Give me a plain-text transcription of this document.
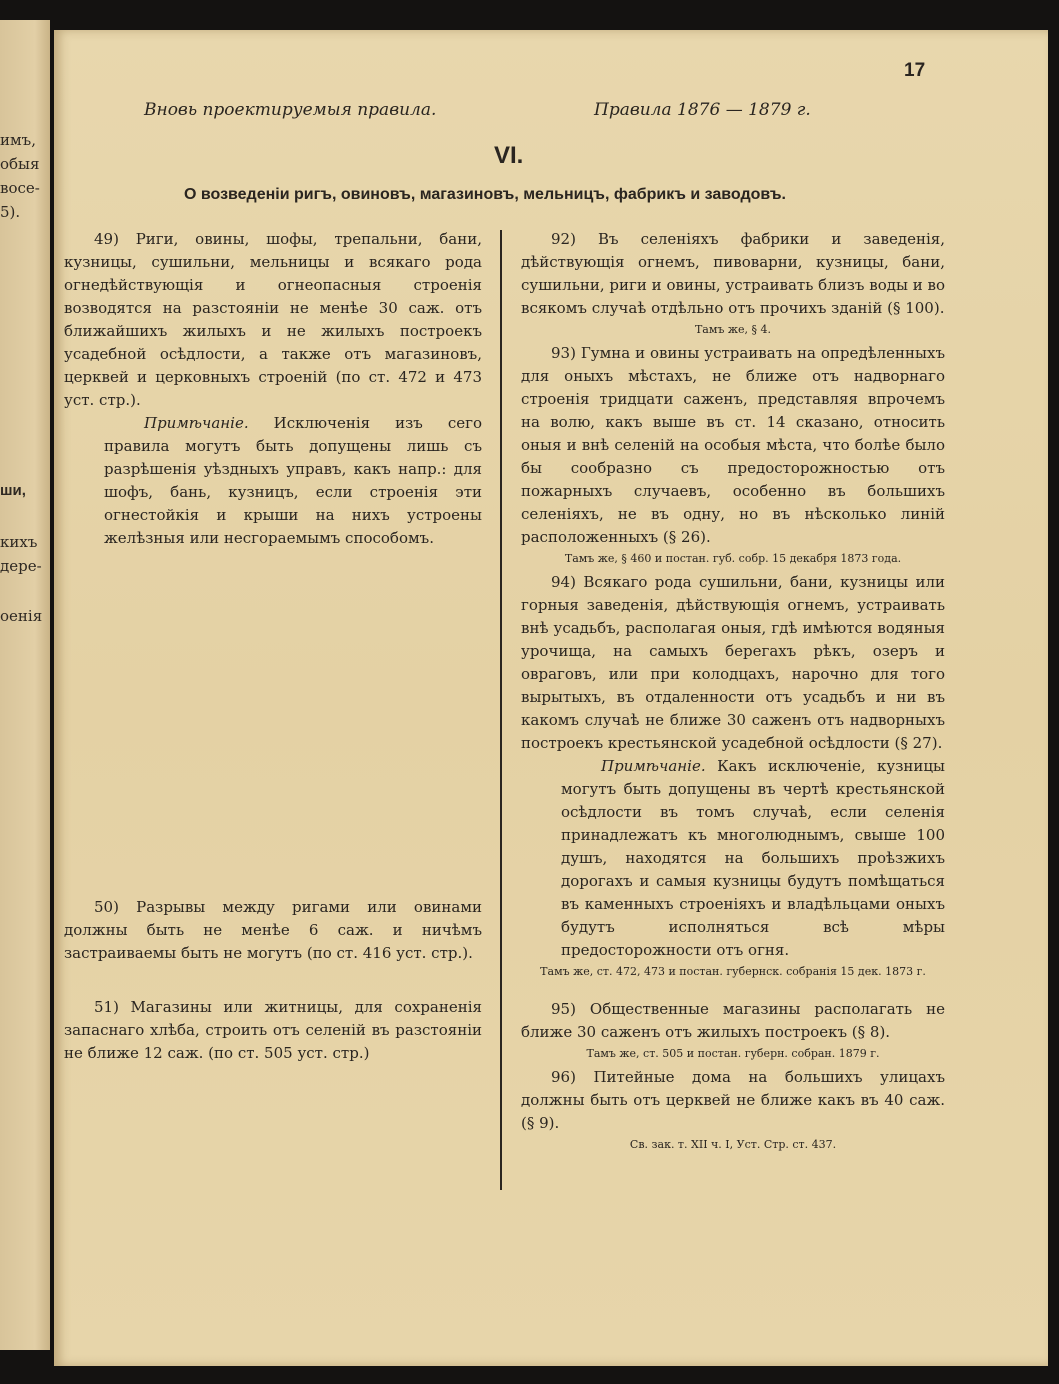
имъ,
обыя
восе-
5).
ши,
кихъ
дере-
оенія
17
Вновь проектируемыя правила.	Правила 1876 — 1879 г.
VI.
О возведеніи ригъ, овиновъ, магазиновъ, мельницъ, фабрикъ и заводовъ.

49) Риги, овины, шофы, трепальни, бани, кузницы, сушильни, мельницы и всякаго рода огнедѣйствующія и огнеопасныя строенія возводятся на разстояніи не менѣе 30 саж. отъ ближайшихъ жилыхъ и не жилыхъ построекъ усадебной осѣдлости, а также отъ магазиновъ, церквей и церковныхъ строеній (по ст. 472 и 473 уст. стр.).

Примѣчаніе. Исключенія изъ сего правила могутъ быть допущены лишь съ разрѣшенія уѣздныхъ управъ, какъ напр.: для шофъ, бань, кузницъ, если строенія эти огнестойкія и крыши на нихъ устроены желѣзныя или несгораемымъ способомъ.

50) Разрывы между ригами или овинами должны быть не менѣе 6 саж. и ничѣмъ застраиваемы быть не могутъ (по ст. 416 уст. стр.).

51) Магазины или житницы, для сохраненія запаснаго хлѣба, строить отъ селеній въ разстояніи не ближе 12 саж. (по ст. 505 уст. стр.)

92) Въ селеніяхъ фабрики и заведенія, дѣйствующія огнемъ, пивоварни, кузницы, бани, сушильни, риги и овины, устраивать близъ воды и во всякомъ случаѣ отдѣльно отъ прочихъ зданій (§ 100).

Тамъ же, § 4.

93) Гумна и овины устраивать на опредѣленныхъ для оныхъ мѣстахъ, не ближе отъ надворнаго строенія тридцати саженъ, представляя впрочемъ на волю, какъ выше въ ст. 14 сказано, относить оныя и внѣ селеній на особыя мѣста, что болѣе было бы сообразно съ предосторожностью отъ пожарныхъ случаевъ, особенно въ большихъ селеніяхъ, не въ одну, но въ нѣсколько линій расположенныхъ (§ 26).

Тамъ же, § 460 и постан. губ. собр. 15 декабря 1873 года.

94) Всякаго рода сушильни, бани, кузницы или горныя заведенія, дѣйствующія огнемъ, устраивать внѣ усадьбъ, располагая оныя, гдѣ имѣются водяныя урочища, на самыхъ берегахъ рѣкъ, озеръ и овраговъ, или при колодцахъ, нарочно для того вырытыхъ, въ отдаленности отъ усадьбъ и ни въ какомъ случаѣ не ближе 30 саженъ отъ надворныхъ построекъ крестьянской усадебной осѣдлости (§ 27).

Примѣчаніе. Какъ исключеніе, кузницы могутъ быть допущены въ чертѣ крестьянской осѣдлости въ томъ случаѣ, если селенія принадлежатъ къ многолюднымъ, свыше 100 душъ, находятся на большихъ проѣзжихъ дорогахъ и самыя кузницы будутъ помѣщаться въ каменныхъ строеніяхъ и владѣльцами оныхъ будутъ исполняться всѣ мѣры предосторожности отъ огня.

Тамъ же, ст. 472, 473 и постан. губернск. собранія 15 дек. 1873 г.

95) Общественные магазины располагать не ближе 30 саженъ отъ жилыхъ построекъ (§ 8).

Тамъ же, ст. 505 и постан. губерн. собран. 1879 г.

96) Питейные дома на большихъ улицахъ должны быть отъ церквей не ближе какъ въ 40 саж. (§ 9).

Св. зак. т. XII ч. I, Уст. Стр. ст. 437.
